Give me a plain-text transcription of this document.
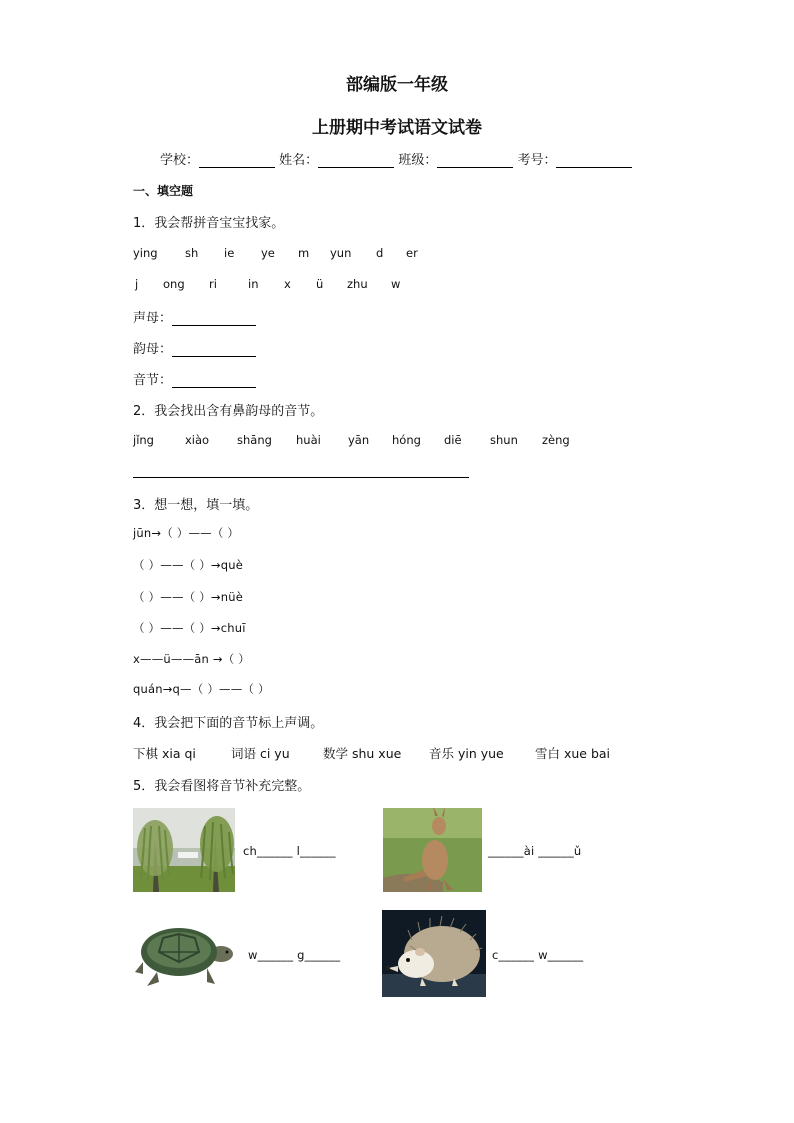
部编版一年级
上册期中考试语文试卷
学校：	姓名：	班级：	考号：
一、填空题
1．我会帮拼音宝宝找家。
ying sh ie ye m yun d er
j ong ri	in x ü zhu w
声母：
韵母：
音节：
2．我会找出含有鼻韵母的音节。
jǐng	xiào shāng huài yān hóng diē shun zèng
3．想一想，填一填。
jūn→（ ）——（ ）
（ ）——（ ）→què
（ ）——（ ）→nüè
（ ）——（ ）→chuī
x——ü——ān →（ ）
quán→q—（ ）——（ ）
4．我会把下面的音节标上声调。
下棋 xia qi	词语 ci yu	数学 shu xue 音乐 yin yue	雪白 xue bai
5．我会看图将音节补充完整。
ch______ l______	______ài ______ǔ
w______ g______	c______ w______
